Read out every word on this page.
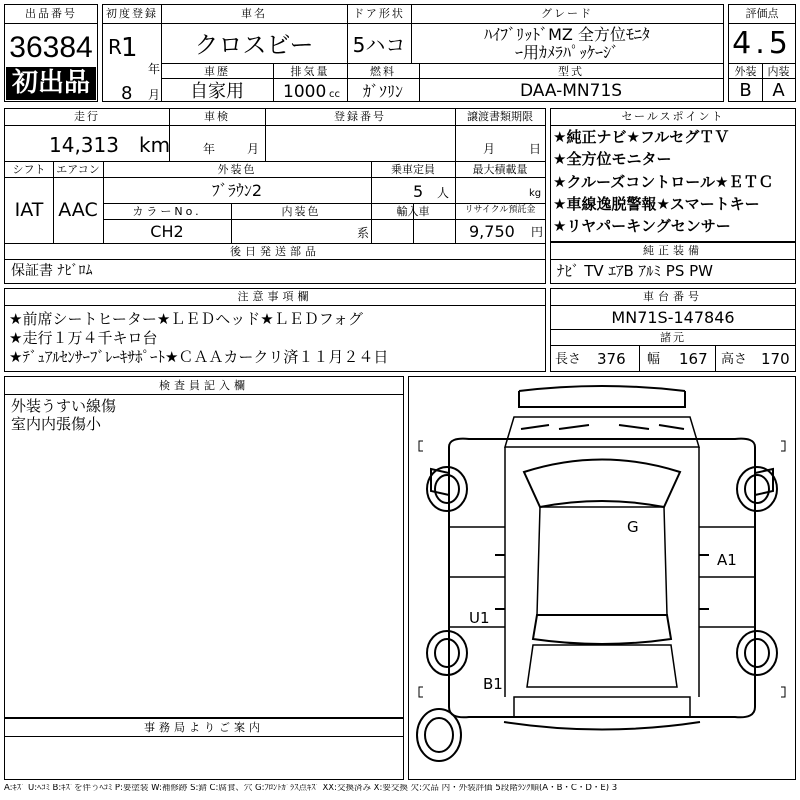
出品番号
36384
初出品
初度登録
R 1
年
8 月
車名
クロスビー
ドア形状
5ハコ
グレード
ﾊｲﾌﾞﾘｯﾄﾞMZ 全方位ﾓﾆﾀ
ｰ用ｶﾒﾗﾊﾟｯｹｰｼﾞ
車歴
自家用
排気量
1000 cc
燃料
ｶﾞｿﾘﾝ
型式
DAA-MN71S
評価点
4.5
外装	内装
B	A
走行
14,313 km
車検
年	月
登録番号	譲渡書類期限
月	日
シフト
IAT
エアコン
AAC
外装色
ﾌﾞﾗｳﾝ2
乗車定員
5 人
最大積載量
kg
カラーNo.
CH2
内装色
系
輸入車	リサイクル預託金
9,750 円
後日発送部品
保証書 ﾅﾋﾞﾛﾑ
セールスポイント
★純正ナビ★フルセグＴＶ
★全方位モニター
★クルーズコントロール★ＥＴＣ
★車線逸脱警報★スマートキー
★リヤパーキングセンサー
純正装備
ﾅﾋﾞ TV ｴｱB ｱﾙﾐ PS PW
注意事項欄
★前席シートヒーター★ＬＥＤヘッド★ＬＥＤフォグ
★走行１万４千キロ台
★ﾃﾞｭｱﾙｾﾝｻｰﾌﾞﾚｰｷｻﾎﾟｰﾄ★ＣＡＡカークリ済１１月２４日
車台番号
MN71S-147846
諸元
長さ 376 幅 167 高さ 170
検査員記入欄
外装うすい線傷
室内内張傷小
事務局よりご案内
G
A1
U1
B1
A:ｷｽﾞ U:ﾍｺﾐ B:ｷｽﾞを伴うﾍｺﾐ P:要塗装 W:補修跡 S:錆 C:腐食、穴 G:ﾌﾛﾝﾄｶﾞﾗｽ点ｷｽﾞ XX:交換済み X:要交換 欠:欠品 内・外装評価 5段階ﾗﾝｸ順(A・B・C・D・E) 3
